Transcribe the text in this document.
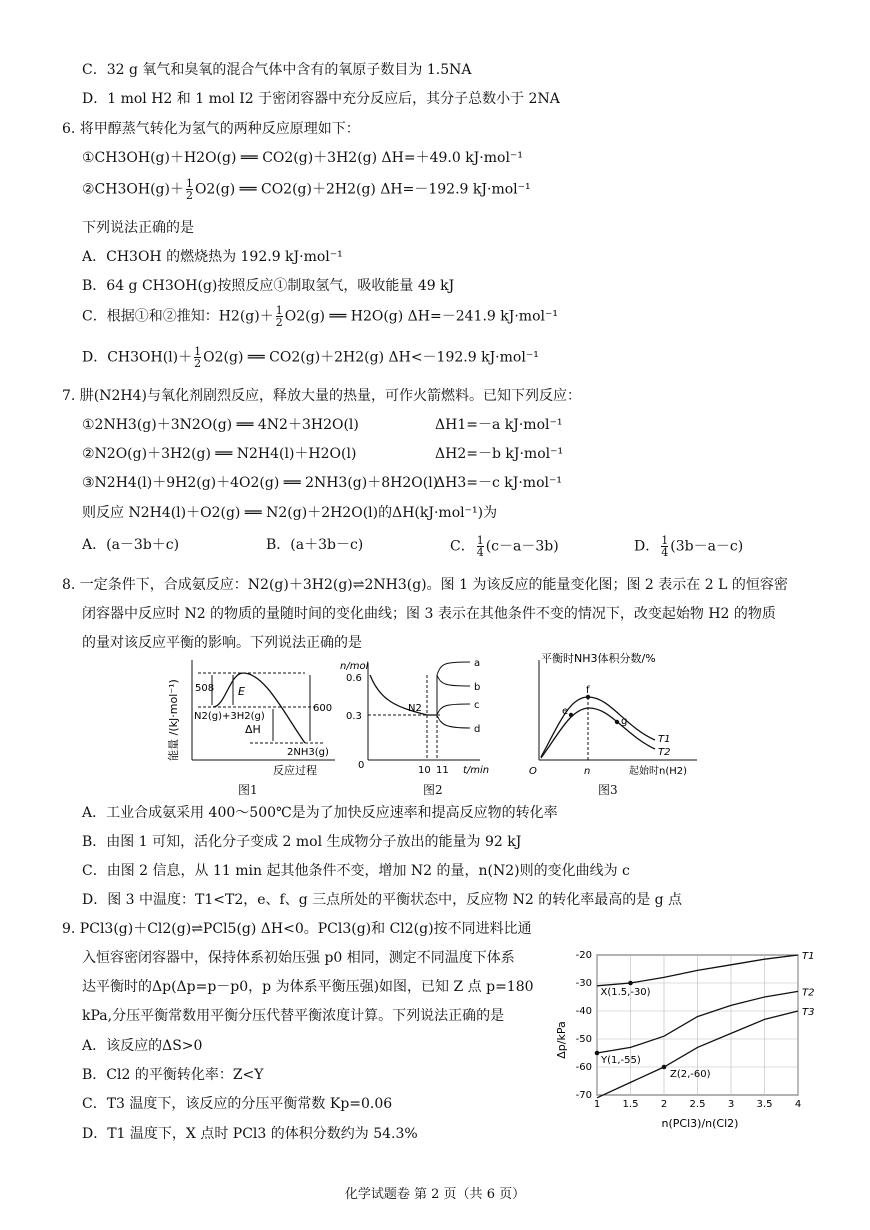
C．32 g 氧气和臭氧的混合气体中含有的氧原子数目为 1.5NA
D．1 mol H2 和 1 mol I2 于密闭容器中充分反应后，其分子总数小于 2NA
6. 将甲醇蒸气转化为氢气的两种反应原理如下：
①CH3OH(g)＋H2O(g) ══ CO2(g)＋3H2(g) ΔH=＋49.0 kJ·mol⁻¹
②CH3OH(g)＋ $\frac{1}{2} O2(g)$ ══ CO2(g)＋2H2(g) ΔH=－192.9 kJ·mol⁻¹
下列说法正确的是
A．CH3OH 的燃烧热为 192.9 kJ·mol⁻¹
B．64 g CH3OH(g)按照反应①制取氢气，吸收能量 49 kJ
C．根据①和②推知：$H2(g)+ \frac{1}{2} O2(g)$ ══ H2O(g) ΔH=－241.9 kJ·mol⁻¹
D．$CH3OH(l)+ \frac{1}{2} O2(g)$ ══ CO2(g)＋2H2(g) ΔH<－192.9 kJ·mol⁻¹
7. 肼(N2H4)与氧化剂剧烈反应，释放大量的热量，可作火箭燃料。已知下列反应：
①2NH3(g)＋3N2O(g) ══ 4N2＋3H2O(l)	ΔH1=－a kJ·mol⁻¹
②N2O(g)＋3H2(g) ══ N2H4(l)＋H2O(l)	ΔH2=－b kJ·mol⁻¹
③N2H4(l)＋9H2(g)＋4O2(g) ══ 2NH3(g)＋8H2O(l)
ΔH3=－c kJ·mol⁻¹
则反应 N2H4(l)＋O2(g) ══ N2(g)＋2H2O(l)的ΔH(kJ·mol⁻¹)为
A．(a－3b＋c)	B．(a＋3b－c)	C． $\frac{1}{4} (c-a-3b)$	D． $\frac{1}{4} (3b-a-c)$
8. 一定条件下，合成氨反应：N2(g)＋3H2(g)⇌2NH3(g)。图 1 为该反应的能量变化图；图 2 表示在 2 L 的恒容密
闭容器中反应时 N2 的物质的量随时间的变化曲线；图 3 表示在其他条件不变的情况下，改变起始物 H2 的物质
的量对该反应平衡的影响。下列说法正确的是
能量 /(kJ·mol⁻¹) 508 E
N2(g)+3H2(g)
ΔH
600
2NH3(g)
反应过程
图1
n/mol
0.6
0.3
0	10 11 t/min
N2
a
b
c
d
图2
平衡时NH3体积分数/%
e
f
g
T1
T2
O	n	起始时n(H2)
图3
A．工业合成氨采用 400～500℃是为了加快反应速率和提高反应物的转化率
B．由图 1 可知，活化分子变成 2 mol 生成物分子放出的能量为 92 kJ
C．由图 2 信息，从 11 min 起其他条件不变，增加 N2 的量，n(N2)则的变化曲线为 c
D．图 3 中温度：T1<T2，e、f、g 三点所处的平衡状态中，反应物 N2 的转化率最高的是 g 点
9. PCl3(g)＋Cl2(g)⇌PCl5(g) ΔH<0。PCl3(g)和 Cl2(g)按不同进料比通
入恒容密闭容器中，保持体系初始压强 p0 相同，测定不同温度下体系
达平衡时的Δp(Δp=p－p0，p 为体系平衡压强)如图，已知 Z 点 p=180
kPa,分压平衡常数用平衡分压代替平衡浓度计算。下列说法正确的是
A．该反应的ΔS>0
B．Cl2 的平衡转化率：Z<Y
C．T3 温度下，该反应的分压平衡常数 Kp=0.06
D．T1 温度下，X 点时 PCl3 的体积分数约为 54.3%
T1
T2
T3
X(1.5,-30)
Y(1,-55)
Z(2,-60)
1 1.5 2 2.5 3 3.5 4
-20
-30
-40
-50
-60
-70
Δp/kPa
n(PCl3)/n(Cl2)
化学试题卷 第 2 页（共 6 页）
